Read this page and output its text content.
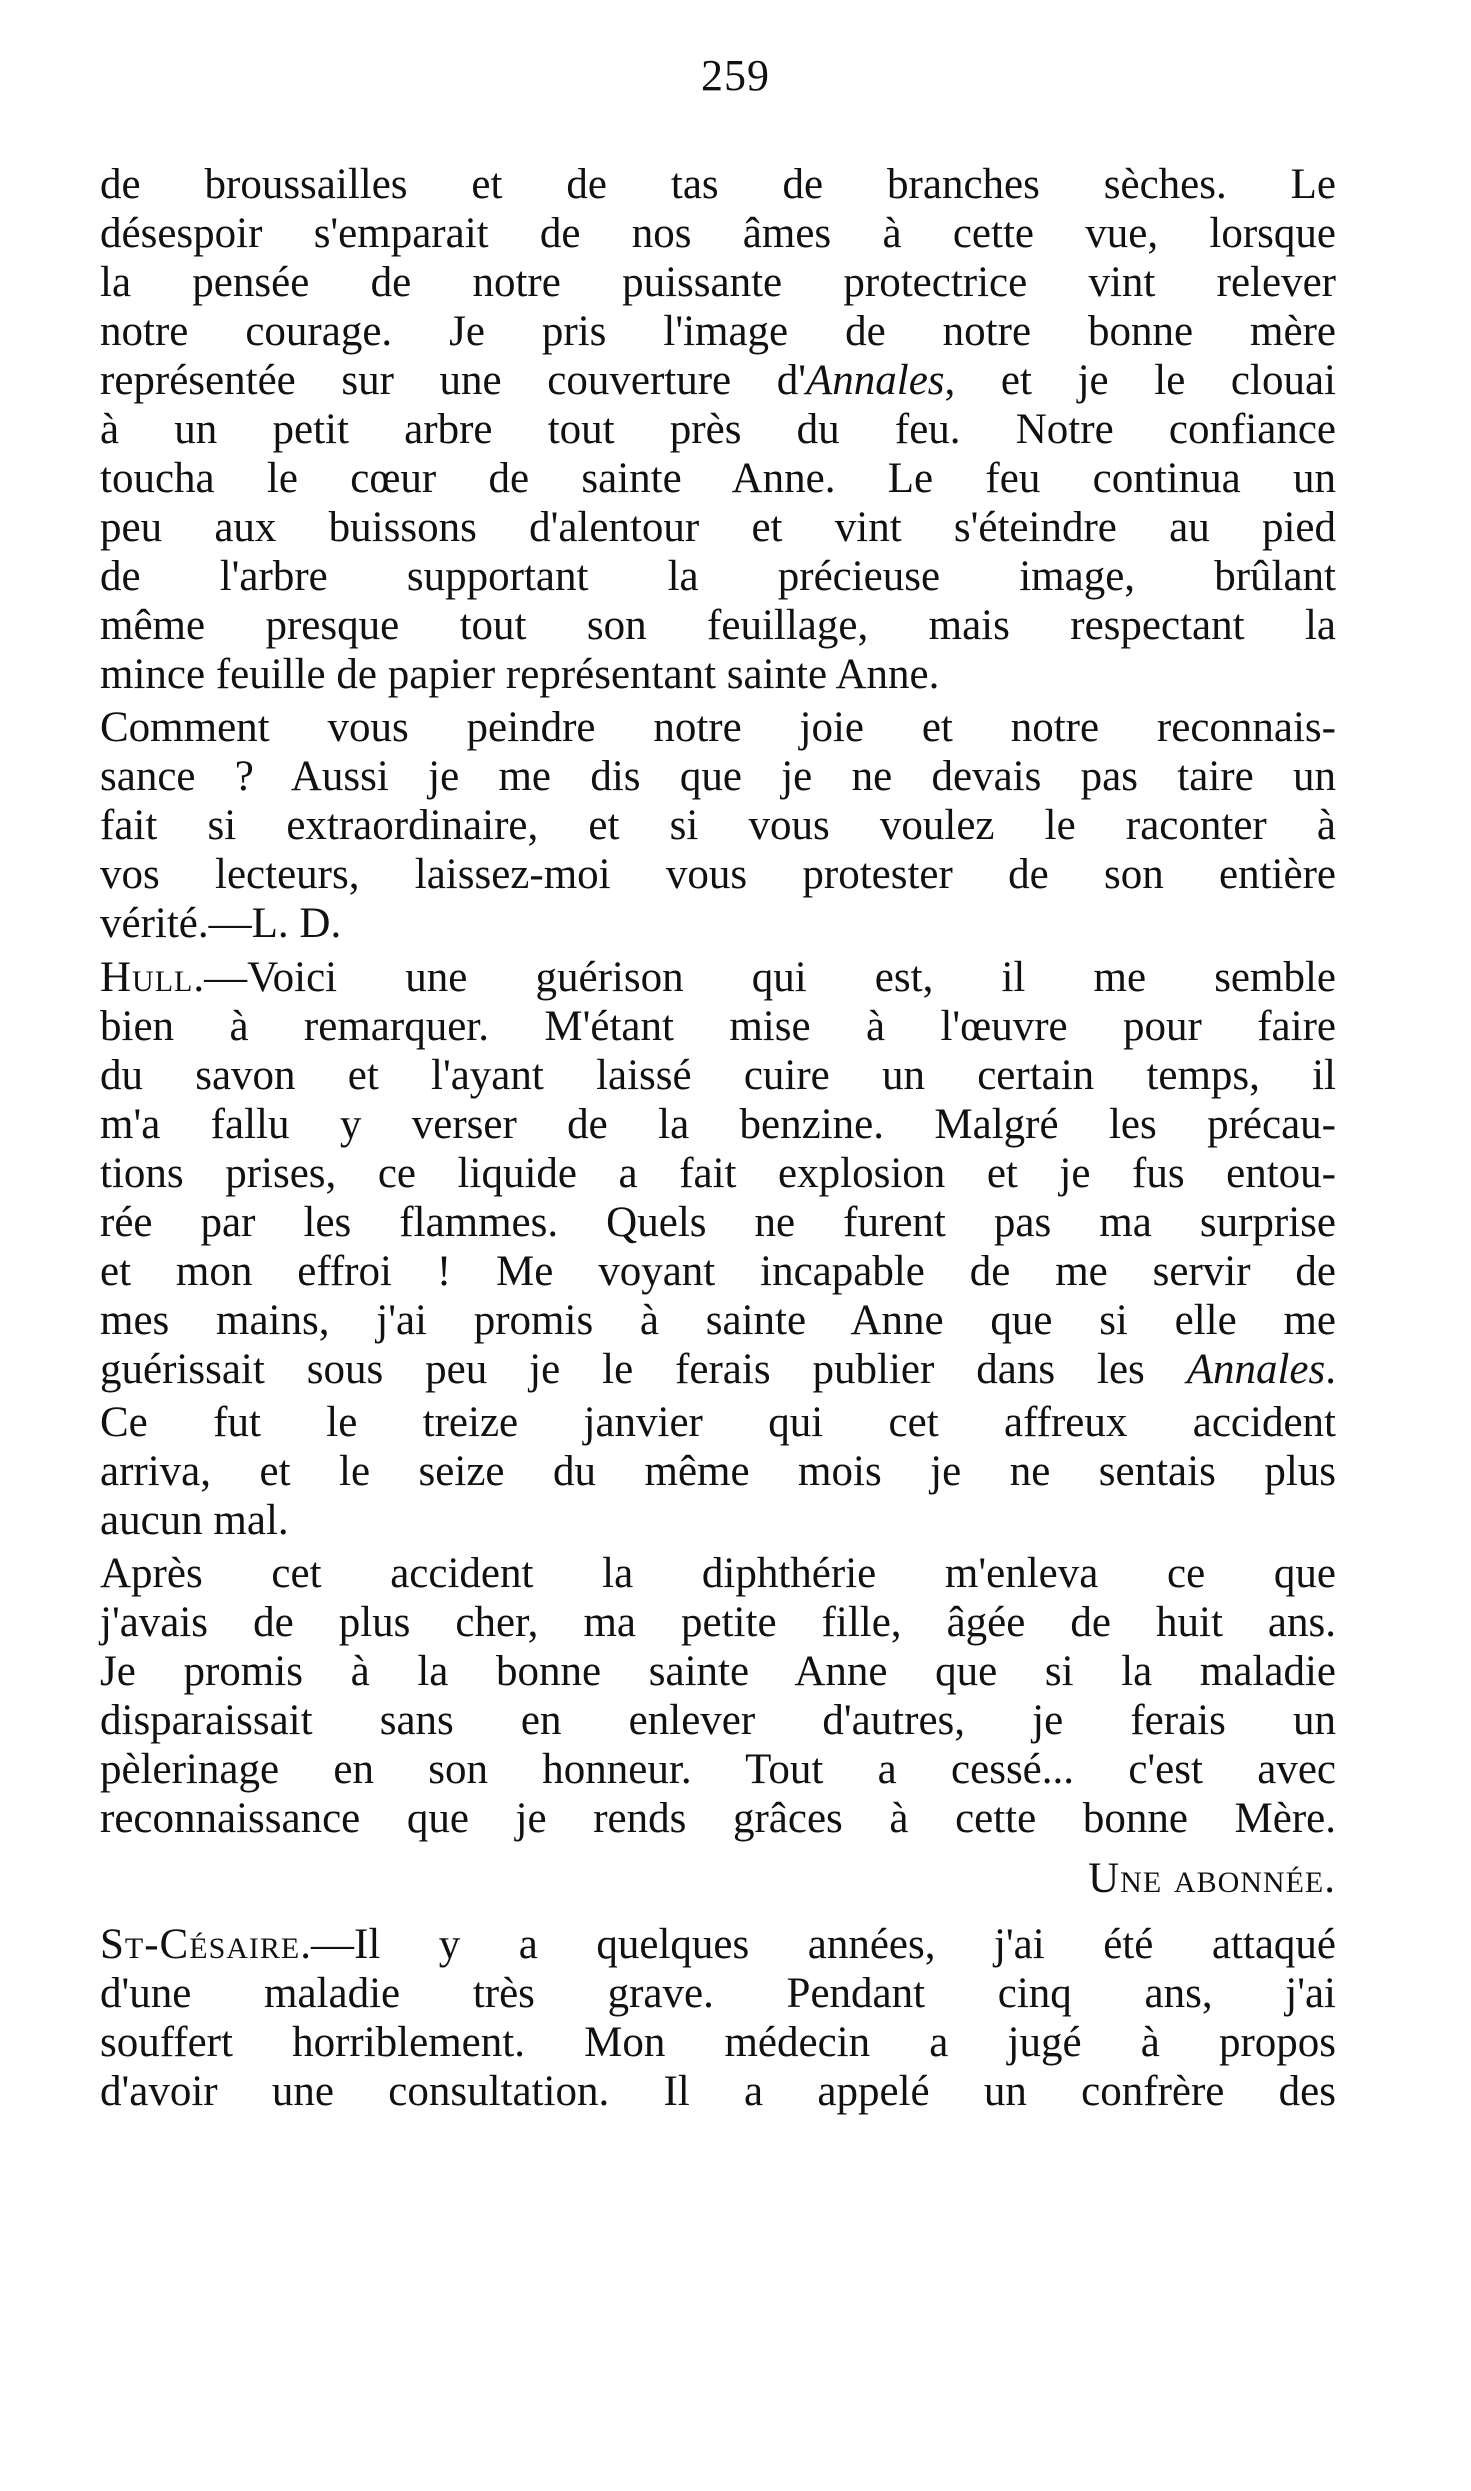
259
de broussailles et de tas de branches sèches. Le
désespoir s'emparait de nos âmes à cette vue, lorsque
la pensée de notre puissante protectrice vint relever
notre courage. Je pris l'image de notre bonne mère
représentée sur une couverture d'Annales, et je le clouai
à un petit arbre tout près du feu. Notre confiance
toucha le cœur de sainte Anne. Le feu continua un
peu aux buissons d'alentour et vint s'éteindre au pied
de l'arbre supportant la précieuse image, brûlant
même presque tout son feuillage, mais respectant la
mince feuille de papier représentant sainte Anne.
Comment vous peindre notre joie et notre reconnais-
sance ? Aussi je me dis que je ne devais pas taire un
fait si extraordinaire, et si vous voulez le raconter à
vos lecteurs, laissez-moi vous protester de son entière
vérité.—L. D.
Hull.—Voici une guérison qui est, il me semble
bien à remarquer. M'étant mise à l'œuvre pour faire
du savon et l'ayant laissé cuire un certain temps, il
m'a fallu y verser de la benzine. Malgré les précau-
tions prises, ce liquide a fait explosion et je fus entou-
rée par les flammes. Quels ne furent pas ma surprise
et mon effroi ! Me voyant incapable de me servir de
mes mains, j'ai promis à sainte Anne que si elle me
guérissait sous peu je le ferais publier dans les Annales.
Ce fut le treize janvier qui cet affreux accident
arriva, et le seize du même mois je ne sentais plus
aucun mal.
Après cet accident la diphthérie m'enleva ce que
j'avais de plus cher, ma petite fille, âgée de huit ans.
Je promis à la bonne sainte Anne que si la maladie
disparaissait sans en enlever d'autres, je ferais un
pèlerinage en son honneur. Tout a cessé... c'est avec
reconnaissance que je rends grâces à cette bonne Mère.
Une abonnée.
St-Césaire.—Il y a quelques années, j'ai été attaqué
d'une maladie très grave. Pendant cinq ans, j'ai
souffert horriblement. Mon médecin a jugé à propos
d'avoir une consultation. Il a appelé un confrère des
